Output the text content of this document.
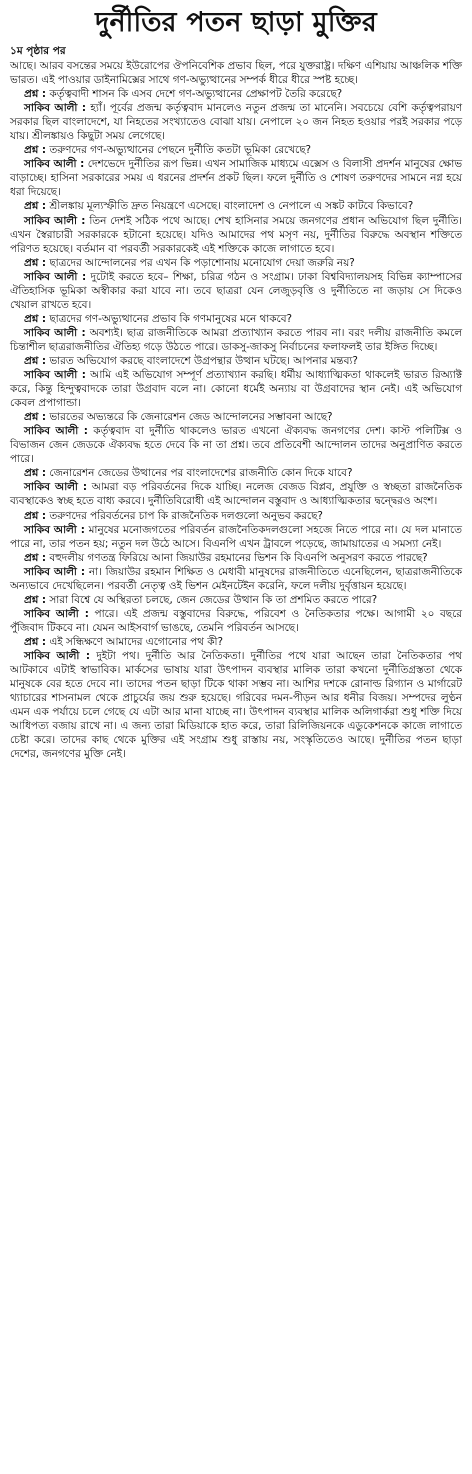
দুর্নীতির পতন ছাড়া মুক্তির
১ম পৃষ্ঠার পর

আছে। আরব বসন্তের সময়ে ইউরোপের ঔপনিবেশিক প্রভাব ছিল, পরে যুক্তরাষ্ট্র। দক্ষিণ এশিয়ায় আঞ্চলিক শক্তি ভারত। এই পাওয়ার ডাইনামিক্সের সাথে গণ-অভ্যুত্থানের সম্পর্ক ধীরে ধীরে স্পষ্ট হচ্ছে।

প্রশ্ন : কর্তৃত্ববাদী শাসন কি এসব দেশে গণ-অভ্যুত্থানের প্রেক্ষাপট তৈরি করেছে?

সাকিব আলী : হ্যাঁ। পূর্বের প্রজন্ম কর্তৃত্ববাদ মানলেও নতুন প্রজন্ম তা মানেনি। সবচেয়ে বেশি কর্তৃত্বপরায়ণ সরকার ছিল বাংলাদেশে, যা নিহতের সংখ্যাতেও বোঝা যায়। নেপালে ২০ জন নিহত হওয়ার পরই সরকার পড়ে যায়। শ্রীলঙ্কায়ও কিছুটা সময় লেগেছে।

প্রশ্ন : তরুণদের গণ-অভ্যুত্থানের পেছনে দুর্নীতি কতটা ভূমিকা রেখেছে?

সাকিব আলী : দেশভেদে দুর্নীতির রূপ ভিন্ন। এখন সামাজিক মাধ্যমে এক্সেস ও বিলাসী প্রদর্শন মানুষের ক্ষোভ বাড়াচ্ছে। হাসিনা সরকারের সময় এ ধরনের প্রদর্শন প্রকট ছিল। ফলে দুর্নীতি ও শোষণ তরুণদের সামনে নগ্ন হয়ে ধরা দিয়েছে।

প্রশ্ন : শ্রীলঙ্কায় মূল্যস্ফীতি দ্রুত নিয়ন্ত্রণে এসেছে। বাংলাদেশ ও নেপালে এ সঙ্কট কাটবে কিভাবে?

সাকিব আলী : তিন দেশই সঠিক পথে আছে। শেখ হাসিনার সময়ে জনগণের প্রধান অভিযোগ ছিল দুর্নীতি। এখন স্বৈরাচারী সরকারকে হটানো হয়েছে। যদিও আমাদের পথ মসৃণ নয়, দুর্নীতির বিরুদ্ধে অবস্থান শক্তিতে পরিণত হয়েছে। বর্তমান বা পরবর্তী সরকারকেই এই শক্তিকে কাজে লাগাতে হবে।

প্রশ্ন : ছাত্রদের আন্দোলনের পর এখন কি পড়াশোনায় মনোযোগ দেয়া জরুরি নয়?

সাকিব আলী : দুটোই করতে হবে– শিক্ষা, চরিত্র গঠন ও সংগ্রাম। ঢাকা বিশ্ববিদ্যালয়সহ বিভিন্ন ক্যাম্পাসের ঐতিহাসিক ভূমিকা অস্বীকার করা যাবে না। তবে ছাত্ররা যেন লেজুড়বৃত্তি ও দুর্নীতিতে না জড়ায় সে দিকেও খেয়াল রাখতে হবে।

প্রশ্ন : ছাত্রদের গণ-অভ্যুত্থানের প্রভাব কি গণমানুষের মনে থাকবে?

সাকিব আলী : অবশ্যই। ছাত্র রাজনীতিকে আমরা প্রত্যাখ্যান করতে পারব না। বরং দলীয় রাজনীতি কমলে চিন্তাশীল ছাত্ররাজনীতির ঐতিহ্য গড়ে উঠতে পারে। ডাকসু-জাকসু নির্বাচনের ফলাফলই তার ইঙ্গিত দিচ্ছে।

প্রশ্ন : ভারত অভিযোগ করছে বাংলাদেশে উগ্রপন্থার উত্থান ঘটছে। আপনার মন্তব্য?

সাকিব আলী : আমি এই অভিযোগ সম্পূর্ণ প্রত্যাখ্যান করছি। ধর্মীয় আধ্যাত্মিকতা থাকলেই ভারত রিঅ্যাক্ট করে, কিন্তু হিন্দুত্ববাদকে তারা উগ্রবাদ বলে না। কোনো ধর্মেই অন্যায় বা উগ্রবাদের স্থান নেই। এই অভিযোগ কেবল প্রপাগান্ডা।

প্রশ্ন : ভারতের অভ্যন্তরে কি জেনারেশন জেড আন্দোলনের সম্ভাবনা আছে?

সাকিব আলী : কর্তৃত্ববাদ বা দুর্নীতি থাকলেও ভারত এখনো ঐক্যবদ্ধ জনগণের দেশ। কাস্ট পলিটিক্স ও বিভাজন জেন জেডকে ঐক্যবদ্ধ হতে দেবে কি না তা প্রশ্ন। তবে প্রতিবেশী আন্দোলন তাদের অনুপ্রাণিত করতে পারে।

প্রশ্ন : জেনারেশন জেডের উত্থানের পর বাংলাদেশের রাজনীতি কোন দিকে যাবে?

সাকিব আলী : আমরা বড় পরিবর্তনের দিকে যাচ্ছি। নলেজ বেজড বিপ্লব, প্রযুক্তি ও স্বচ্ছতা রাজনৈতিক ব্যবস্থাকেও স্বচ্ছ হতে বাধ্য করবে। দুর্নীতিবিরোধী এই আন্দোলন বস্তুবাদ ও আধ্যাত্মিকতার দ্বন্দ্বেরও অংশ।

প্রশ্ন : তরুণদের পরিবর্তনের চাপ কি রাজনৈতিক দলগুলো অনুভব করছে?

সাকিব আলী : মানুষের মনোজগতের পরিবর্তন রাজনৈতিকদলগুলো সহজে নিতে পারে না। যে দল মানাতে পারে না, তার পতন হয়; নতুন দল উঠে আসে। বিএনপি এখন ট্রাবলে পড়েছে, জামায়াতের এ সমস্যা নেই।

প্রশ্ন : বহুদলীয় গণতন্ত্র ফিরিয়ে আনা জিয়াউর রহমানের ভিশন কি বিএনপি অনুসরণ করতে পারছে?

সাকিব আলী : না। জিয়াউর রহমান শিক্ষিত ও মেধাবী মানুষদের রাজনীতিতে এনেছিলেন, ছাত্ররাজনীতিকে অন্যভাবে দেখেছিলেন। পরবর্তী নেতৃত্ব ওই ভিশন মেইনটেইন করেনি, ফলে দলীয় দুর্বৃত্তায়ন হয়েছে।

প্রশ্ন : সারা বিশ্বে যে অস্থিরতা চলছে, জেন জেডের উত্থান কি তা প্রশমিত করতে পারে?

সাকিব আলী : পারে। এই প্রজন্ম বস্তুবাদের বিরুদ্ধে, পরিবেশ ও নৈতিকতার পক্ষে। আগামী ২০ বছরে পুঁজিবাদ টিকবে না। যেমন আইসবার্গ ভাঙছে, তেমনি পরিবর্তন আসছে।

প্রশ্ন : এই সন্ধিক্ষণে আমাদের এগোনোর পথ কী?

সাকিব আলী : দুইটা পথ। দুর্নীতি আর নৈতিকতা। দুর্নীতির পথে যারা আছেন তারা নৈতিকতার পথ আটকাবে এটাই স্বাভাবিক। মার্কসের ভাষায় যারা উৎপাদন ব্যবস্থার মালিক তারা কখনো দুর্নীতিগ্রস্ততা থেকে মানুষকে বের হতে দেবে না। তাদের পতন ছাড়া টিকে থাকা সম্ভব না। আশির দশকে রোনাল্ড রিগ্যান ও মার্গারেট থ্যাচারের শাসনামল থেকে প্রাচুর্যের জয় শুরু হয়েছে। গরিবের দমন-পীড়ন আর ধনীর বিজয়। সম্পদের লুণ্ঠন এমন এক পর্যায়ে চলে গেছে যে এটা আর মানা যাচ্ছে না। উৎপাদন ব্যবস্থার মালিক অলিগার্করা শুধু শক্তি দিয়ে আধিপত্য বজায় রাখে না। এ জন্য তারা মিডিয়াকে হাত করে, তারা রিলিজিয়নকে এডুকেশনকে কাজে লাগাতে চেষ্টা করে। তাদের কাছ থেকে মুক্তির এই সংগ্রাম শুধু রাস্তায় নয়, সংস্কৃতিতেও আছে। দুর্নীতির পতন ছাড়া দেশের, জনগণের মুক্তি নেই।
